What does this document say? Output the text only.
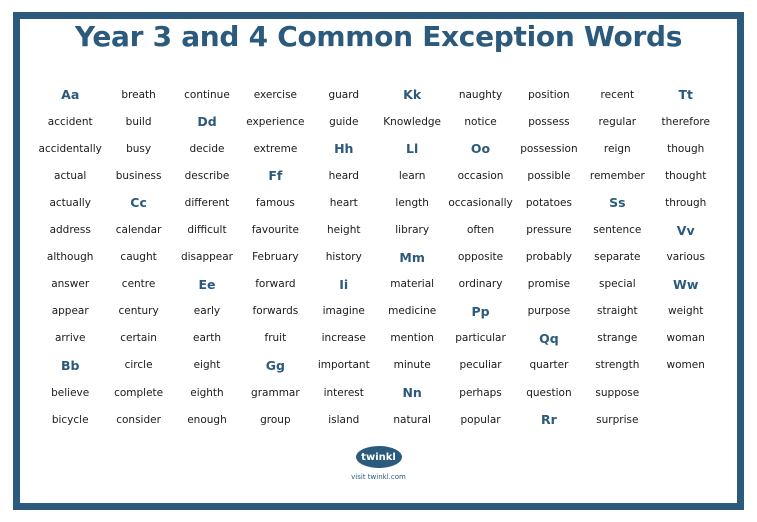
Year 3 and 4 Common Exception Words
Aa	breath	continue	exercise	guard	Kk	naughty	position	recent	Tt
accident	build	Dd	experience	guide	Knowledge	notice	possess	regular	therefore
accidentally	busy	decide	extreme	Hh	Ll	Oo	possession	reign	though
actual	business	describe	Ff	heard	learn	occasion	possible	remember	thought
actually	Cc	different	famous	heart	length	occasionally	potatoes	Ss	through
address	calendar	difficult	favourite	height	library	often	pressure	sentence	Vv
although	caught	disappear	February	history	Mm	opposite	probably	separate	various
answer	centre	Ee	forward	Ii	material	ordinary	promise	special	Ww
appear	century	early	forwards	imagine	medicine	Pp	purpose	straight	weight
arrive	certain	earth	fruit	increase	mention	particular	Qq	strange	woman
Bb	circle	eight	Gg	important	minute	peculiar	quarter	strength	women
believe	complete	eighth	grammar	interest	Nn	perhaps	question	suppose
bicycle	consider	enough	group	island	natural	popular	Rr	surprise
twinkl
visit twinkl.com
